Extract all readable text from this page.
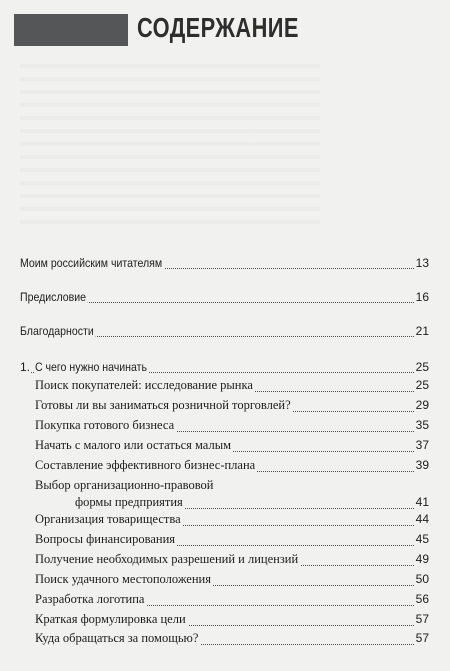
СОДЕРЖАНИЕ
Моим российским читателям	13
Предисловие	16
Благодарности	21
1. С чего нужно начинать	25
Поиск покупателей: исследование рынка	25
Готовы ли вы заниматься розничной торговлей?	29
Покупка готового бизнеса	35
Начать с малого или остаться малым	37
Составление эффективного бизнес-плана	39
Выбор организационно-правовой
формы предприятия	41
Организация товарищества	44
Вопросы финансирования	45
Получение необходимых разрешений и лицензий	49
Поиск удачного местоположения	50
Разработка логотипа	56
Краткая формулировка цели	57
Куда обращаться за помощью?	57
